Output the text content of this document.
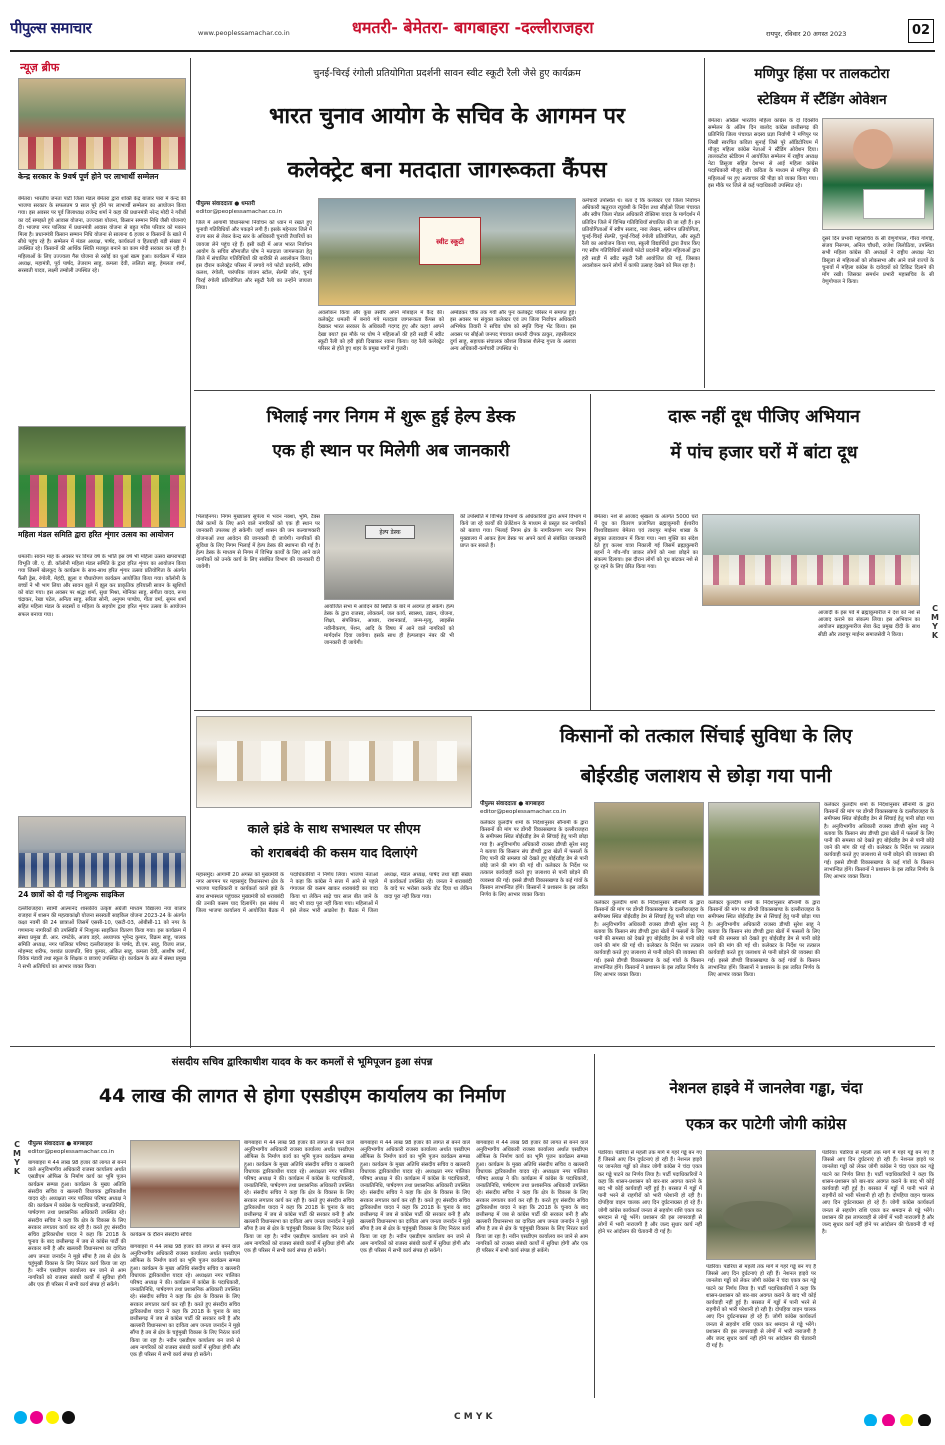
पीपुल्स समाचार	www.peoplessamachar.co.in	धमतरी- बेमेतरा- बागबाहरा -दल्लीराजहरा	रायपुर, रविवार 20 अगस्त 2023	02
न्यूज़ ब्रीफ
केन्द्र सरकार के 9वर्ष पूर्ण होने पर लाभार्थी सम्मेलन
बेमेतरा। भारतीय जनता पार्टी जिला मंडल बेमेतरा द्वारा शक्ति केंद्र बाजार पारा में केन्द्र की भाजपा सरकार के सफलतम 9 साल पूरे होने पर लाभार्थी सम्मेलन का आयोजन किया गया। इस अवसर पर पूर्व जिलाध्यक्ष राजेन्द्र शर्मा ने कहा की प्रधानमंत्री नरेन्द्र मोदी ने गरीबों का दर्द समझते हुये आवास योजना, उज्ज्वला योजना, किसान सम्मान निधि जैसी योजनाएं दी। भाजपा नगर पालिका में प्रधानमंत्री आवास योजना से बहुत गरीब परिवार को मकान मिला है। प्रधानमंत्री किसान सम्मान निधि योजना से सालाना 6 हजार रु किसानों के खाते में सीधे पहुंच रहे है। सम्मेलन में मंडल अध्यक्ष, पार्षद, कार्यकर्ता व हितग्राही बड़ी संख्या में उपस्थित रहे। किसानों की आर्थिक स्थिति मजबूत बनाने का काम मोदी सरकार कर रही है। महिलाओं के लिए उज्ज्वला गैस योजना से रसोई का धुआं खत्म हुआ। कार्यक्रम में मंडल अध्यक्ष, महामंत्री, पूर्व पार्षद, तेजराम साहू, कमला देवी, ललिता साहू, हेमलता शर्मा, सरस्वती यादव, लक्ष्मी तम्बोली उपस्थित रहे।
महिला मंडल समिति द्वारा हरित शृंगार उत्सव का आयोजन
धमतरी। सावन माह के अवसर पर विगत वर्ष के भांति इस वर्ष भी महिला उत्सव खपरापाढ़ी विभूति जी. ए. डी. कॉलोनी महिला मंडल समिति के द्वारा हरित शृंगार का आयोजन किया गया जिसमें खेलकूद के कार्यक्रम के साथ-साथ हरित शृंगार उत्सव प्रतियोगिता के अंतर्गत फैंसी ड्रेस, रंगोली, मेहंदी, झूला व पौधारोपण कार्यक्रम आयोजित किया गया। कॉलोनी के बच्चों ने भी भाग लिया और सावन झूले में झूल कर प्राकृतिक हरियाली सावन के खुशियों को बांटा गया। इस अवसर पर श्रद्धा शर्मा, सुधा मिश्रा, मोनिका साहू, संगीता यादव, रूपा चंद्राकर, रेखा पटेल, अनिता साहू, सरिता सोनी, अनुपम पाण्डेय, गीता वर्मा, सुमन शर्मा सहित महिला मंडल के सदस्यों व महिला के सहयोग द्वारा हरित शृंगार उत्सव के आयोजन सफल बनाया गया।
24 छात्रों को दी गईं निःशुल्क साइकिल
दल्लीराजहरा। स्वामी आत्मानंद शासकीय उत्कृष्ट अंग्रेजी माध्यम विद्यालय नया बाजार राजहरा में शासन की महत्वाकांक्षी योजना सरस्वती साइकिल योजना 2023-24 के अंतर्गत कक्षा नवमीं की 24 छात्राओं जिसमें एससी-10, एसटी-03, ओबीसी-11 को नगर के गणमान्य नागरिकों की उपस्थिति में निःशुल्क साइकिल वितरण किया गया। इस कार्यक्रम में संस्था प्रमुख डी. आर. रामटेके, अजय डहरे, अध्यापक भूपेन्द्र कुमार, विक्रम साहू, पालक समिति अध्यक्ष, नगर पालिका परिषद दल्लीराजहरा के पार्षद, डी.एम. साहू, विजय लाल, मोहम्मद शरीफ, यशवंत प्रजापति, शिव कुमार, अंकित साहू, कमला देवी, आशीष वर्मा, विवेक मंडावी तथा स्कूल के शिक्षक व छात्राएं उपस्थित रहे। कार्यक्रम के अंत में संस्था प्रमुख ने सभी अतिथियों का आभार व्यक्त किया।
चुनई-चिरई रंगोली प्रतियोगिता प्रदर्शनी सावन स्वीट स्कूटी रैली जैसे हुए कार्यक्रम
भारत चुनाव आयोग के सचिव के आगमन पर
कलेक्ट्रेट बना मतदाता जागरूकता कैंपस
पीपुल्स संवाददाता ● धमतरी
editor@peoplessamachar.co.in
जिले में आगामी विधानसभा निर्वाचन को ध्यान में रखते हुए चुनावी गतिविधियों और पकड़ने लगी हैं। इसके मद्देनजर जिले में राज्य स्तर से लेकर केन्द्र स्तर के अधिकारी चुनावी तैयारियों का जायजा लेने पहुंच रहे हैं। इसी कड़ी में आज भारत निर्वाचन आयोग के सचिव सौम्यजीत घोष ने मतदाता जागरूकता हेतु जिले में संचालित गतिविधियों की बारीकी से अवलोकन किया। इस दौरान कलेक्ट्रेट परिसर में लगाये गये फोटो प्रदर्शनी, स्वीप कलश, रंगोली, पारंपरिक व्यंजन स्टॉल, सेल्फी जोन, चुनई चिरई रंगोली प्रतियोगिता और स्कूटी रैली का उन्होंने जायजा लिया।
स्वीट स्कूटी
अवलोकन किया और कुछ तस्वीरें अपने मोबाइल में कैद की। कलेक्ट्रेट धमतरी में बनाये गये मतदाता जागरूकता कैंपस को देखकर भारत सरकार के अधिकारी गदगद हुए और कहा! आपने देखा क्या? इस मौके पर घोष ने महिलाओं की हरी साड़ी में स्वीट स्कूटी रैली को हरी झंडी दिखाकर रवाना किया। यह रैली कलेक्ट्रेट परिसर से होते हुए शहर के प्रमुख मार्गों से गुजरी।
अम्बेडकर चौक तक गयी और पुनः कलेक्ट्रेट परिसर में समाप्त हुई। इस अवसर पर संयुक्त कलेक्टर एवं उप जिला निर्वाचन अधिकारी अभिषेक तिवारी ने सचिव घोष को स्मृति चिन्ह भेंट किया। इस अवसर पर सीईओ जनपद पंचायत धमतरी दीपक ठाकुर, तहसीलदार दुर्गा साहू, सहायक संचालक कौशल विकास शैलेन्द्र गुप्ता के अलावा अन्य अधिकारी-कर्मचारी उपस्थित थे।
कर्मचारी उपस्थित थे। बता दें कि कलेक्टर एवं जिला निर्वाचन अधिकारी ऋतुराज रघुवंशी के निर्देश तथा सीईओ जिला पंचायत और स्वीप जिला नोडल अधिकारी रोक्तिमा यादव के मार्गदर्शन में प्रतिदिन जिले में विभिन्न गतिविधियाँ संचालित की जा रही हैं। इन प्रतियोगिताओं में स्वीप सलाद, नारा लेखन, स्लोगन प्रतियोगिता, चुनई-चिरई सेल्फी, चुनई-चिरई रंगोली प्रतियोगिता, और स्कूटी रैली का आयोजन किया गया, स्कूली विद्यार्थियों द्वारा तैयार किए गए स्वीप गतिविधियों संबंधी फोटो प्रदर्शनी सहित महिलाओं द्वारा हरी साड़ी में स्वीट स्कूटी रैली आयोजित की गई, जिसका अवलोकन करने लोगों में काफी उत्साह देखने को मिल रहा है।
मणिपुर हिंसा पर तालकटोरा
स्टेडियम में स्टैंडिंग ओवेशन
बेमेतरा। अखिल भारतीय महिला कांग्रेस के दो दिवसीय सम्मेलन के अंतिम दिन बालोद कांग्रेस छत्तीसगढ़ की प्रतिनिधि जिला पंचायत सदस्य प्रज्ञा निर्वाणी ने मणिपुर पर लिखी स्वरचित कविता सुनाई जिसे पूरे ऑडिटोरियम में मौजूद महिला कांग्रेस नेताओं ने स्टैंडिंग ओवेशन दिया। तालकटोरा स्टेडियम में आयोजित सम्मेलन में राष्ट्रीय अध्यक्ष नेटा डिसूजा सहित देशभर से आई महिला कांग्रेस पदाधिकारी मौजूद थीं। कविता के माध्यम से मणिपुर की महिलाओं पर हुए अत्याचार की पीड़ा को व्यक्त किया गया। इस मौके पर जिले से कई पदाधिकारी उपस्थित रहे।
दूसरे दिन प्रभारी महासचिव के सी वेणुगोपाल, गौरव गोगोई, संजय निरूपम, अनिल चौधरी, राजेश लिलोठिया, उपस्थित सभी महिला कांग्रेस की अध्यक्षों ने राष्ट्रीय अध्यक्ष नेटा डिसूजा से महिलाओं को लोकसभा और आने वाले राज्यों के चुनावों में महिला कांग्रेस के दावेदारों को टिकिट दिलाने की माँग रखी। जिसका समर्थन प्रभारी महासचिव के सी वेणुगोपाल ने किया।
भिलाई नगर निगम में शुरू हुई हेल्प डेस्क
एक ही स्थान पर मिलेगी अब जानकारी
भिलाईनगर। निगम मुख्यालय सुपेला में भवन नक्शा, भूमि, टैक्स जैसे कामों के लिए आने वाले नागरिकों को एक ही स्थान पर जानकारी उपलब्ध हो सकेगी। जहाँ शासन की जन कल्याणकारी योजनाओं तथा आवेदन की जानकारी दी जायेगी। नागरिकों की सुविधा के लिए निगम भिलाई में हेल्प डेस्क की स्थापना की गई है। हेल्प डेस्क के माध्यम से निगम में विभिन्न कार्यों के लिए आने वाले नागरिकों को उनके कार्य के लिए संबंधित विभाग की जानकारी दी जायेगी।
हेल्प डेस्क
आयोजित सभा में आवेदन की स्थिति के बारे में अवगत हो सकेंगे। हेल्प डेस्क के द्वारा राजस्व, लोककर्म, जल कार्य, स्वास्थ्य, उद्यान, योजना, शिक्षा, संपत्तिकर, आधार, राशनकार्ड, जन्म-मृत्यु, लाइसेंस नवीनीकरण, पेंशन, आदि के विषय में आने वाले नागरिकों को मार्गदर्शन दिया जायेगा। इसके साथ ही हेल्पलाइन नंबर की भी जानकारी दी जायेगी।
की उपस्थिति में विभिन्न विभागों के अधिकारियों द्वारा अपने विभाग में किये जा रहे कार्यों की प्रेजेंटेशन के माध्यम से प्रस्तुत कर नागरिकों को बताया गया। भिलाई निगम क्षेत्र के नागरिकगण नगर निगम मुख्यालय में आकर हेल्प डेस्क पर अपने कार्य से संबंधित जानकारी प्राप्त कर सकते हैं।
दारू नहीं दूध पीजिए अभियान
में पांच हजार घरों में बांटा दूध
बेमेतरा। नशे से आजाद श्रृंखला के अंतर्गत 5000 घरों में दूध का वितरण प्रजापिता ब्रह्माकुमारी ईश्वरीय विश्वविद्यालय बेमेतरा एवं तारापुर माईनर शाखा के संयुक्त तत्वावधान में किया गया। नशा मुक्ति का संदेश देते हुए कलश यात्रा निकाली गई जिसमें ब्रह्माकुमारी बहनों ने गाँव-गाँव जाकर लोगों को नशा छोड़ने का संकल्प दिलाया। इस दौरान लोगों को दूध बांटकर नशे से दूर रहने के लिए प्रेरित किया गया।
आजादी के इस पर्व में ब्रह्माकुमारीज ने देश को नशे से आजाद कराने का संकल्प लिया। इस अभियान का आयोजन ब्रह्माकुमारीज सेवा केंद्र प्रमुख दीदी के साथ सीडी और तारापुर माईनर समाजसेवी ने किया।
C
M
Y
K
काले झंडे के साथ सभास्थल पर सीएम
को शराबबंदी की कसम याद दिलाएंगे
महासमुंद। आगामी 20 अगस्त को मुख्यमंत्री के नगर आगमन पर महासमुंद विधानसभा क्षेत्र के भाजपा पदाधिकारी व कार्यकर्ता काले झंडे के साथ सभास्थल पहुंचकर मुख्यमंत्री को शराबबंदी की उनकी कसम याद दिलायेंगे। इस संबंध में जिला भाजपा कार्यालय में आयोजित बैठक में पदाधिकारियों ने निर्णय लिया। भाजपा नेताओं ने कहा कि कांग्रेस ने सत्ता में आने से पहले गंगाजल की कसम खाकर शराबबंदी का वादा किया था लेकिन साढ़े चार साल बीत जाने के बाद भी वादा पूरा नहीं किया गया। महिलाओं में इसे लेकर भारी आक्रोश है। बैठक में जिला अध्यक्ष, मंडल अध्यक्ष, पार्षद तथा बड़ी संख्या में कार्यकर्ता उपस्थित रहे। जनता ने शराबबंदी के वादे पर भरोसा करके वोट दिया था लेकिन वादा पूरा नहीं किया गया।
किसानों को तत्काल सिंचाई सुविधा के लिए
बोईरडीह जलाशय से छोड़ा गया पानी
पीपुल्स संवाददाता ● बागबाहरा
editor@peoplessamachar.co.in
कलेक्टर कुलदीप शर्मा के निर्देशानुसार सौनामी के द्वारा किसानों की मांग पर डोंगरी विकासखण्ड के दल्लीराजहरा के समीपस्थ स्थित बोईरडीह डेम से सिंचाई हेतु पानी छोड़ा गया है। अनुविभागीय अधिकारी राजस्व डौण्डी सुरेश साहू ने बताया कि किसान संघ डौण्डी द्वारा खेतों में फसलों के लिए पानी की समस्या को देखते हुए बोईरडीह डेम से पानी छोड़े जाने की मांग की गई थी। कलेक्टर के निर्देश पर तत्काल कार्यवाही करते हुए जलाशय से पानी छोड़ने की व्यवस्था की गई। इससे डौण्डी विकासखण्ड के कई गांवों के किसान लाभान्वित होंगे। किसानों ने प्रशासन के इस त्वरित निर्णय के लिए आभार व्यक्त किया।
कलेक्टर कुलदीप शर्मा के निर्देशानुसार सौनामी के द्वारा किसानों की मांग पर डोंगरी विकासखण्ड के दल्लीराजहरा के समीपस्थ स्थित बोईरडीह डेम से सिंचाई हेतु पानी छोड़ा गया है। अनुविभागीय अधिकारी राजस्व डौण्डी सुरेश साहू ने बताया कि किसान संघ डौण्डी द्वारा खेतों में फसलों के लिए पानी की समस्या को देखते हुए बोईरडीह डेम से पानी छोड़े जाने की मांग की गई थी। कलेक्टर के निर्देश पर तत्काल कार्यवाही करते हुए जलाशय से पानी छोड़ने की व्यवस्था की गई। इससे डौण्डी विकासखण्ड के कई गांवों के किसान लाभान्वित होंगे। किसानों ने प्रशासन के इस त्वरित निर्णय के लिए आभार व्यक्त किया।
कलेक्टर कुलदीप शर्मा के निर्देशानुसार सौनामी के द्वारा किसानों की मांग पर डोंगरी विकासखण्ड के दल्लीराजहरा के समीपस्थ स्थित बोईरडीह डेम से सिंचाई हेतु पानी छोड़ा गया है। अनुविभागीय अधिकारी राजस्व डौण्डी सुरेश साहू ने बताया कि किसान संघ डौण्डी द्वारा खेतों में फसलों के लिए पानी की समस्या को देखते हुए बोईरडीह डेम से पानी छोड़े जाने की मांग की गई थी। कलेक्टर के निर्देश पर तत्काल कार्यवाही करते हुए जलाशय से पानी छोड़ने की व्यवस्था की गई। इससे डौण्डी विकासखण्ड के कई गांवों के किसान लाभान्वित होंगे। किसानों ने प्रशासन के इस त्वरित निर्णय के लिए आभार व्यक्त किया।
कलेक्टर कुलदीप शर्मा के निर्देशानुसार सौनामी के द्वारा किसानों की मांग पर डोंगरी विकासखण्ड के दल्लीराजहरा के समीपस्थ स्थित बोईरडीह डेम से सिंचाई हेतु पानी छोड़ा गया है। अनुविभागीय अधिकारी राजस्व डौण्डी सुरेश साहू ने बताया कि किसान संघ डौण्डी द्वारा खेतों में फसलों के लिए पानी की समस्या को देखते हुए बोईरडीह डेम से पानी छोड़े जाने की मांग की गई थी। कलेक्टर के निर्देश पर तत्काल कार्यवाही करते हुए जलाशय से पानी छोड़ने की व्यवस्था की गई। इससे डौण्डी विकासखण्ड के कई गांवों के किसान लाभान्वित होंगे। किसानों ने प्रशासन के इस त्वरित निर्णय के लिए आभार व्यक्त किया।
संसदीय सचिव द्वारिकाधीश यादव के कर कमलों से भूमिपूजन हुआ संपन्न
44 लाख की लागत से होगा एसडीएम कार्यालय का निर्माण
पीपुल्स संवाददाता ● बागबाहरा
editor@peoplessamachar.co.in
C
M
Y
K
बागबाहरा में 44 लाख 98 हजार की लागत से बनने वाले अनुविभागीय अधिकारी राजस्व कार्यालय अर्थात एसडीएम ऑफिस के निर्माण कार्य का भूमि पूजन कार्यक्रम सम्पन्न हुआ। कार्यक्रम के मुख्य अतिथि संसदीय सचिव व खल्लारी विधायक द्वारिकाधीश यादव रहे। अध्यक्षता नगर पालिका परिषद अध्यक्ष ने की। कार्यक्रम में कांग्रेस के पदाधिकारी, जनप्रतिनिधि, पार्षदगण तथा प्रशासनिक अधिकारी उपस्थित रहे। संसदीय सचिव ने कहा कि क्षेत्र के विकास के लिए सरकार लगातार कार्य कर रही है। करते हुए संसदीय सचिव द्वारिकाधीश यादव ने कहा कि 2018 के चुनाव के बाद छत्तीसगढ़ में जब से कांग्रेस पार्टी की सरकार बनी है और खल्लारी विधानसभा का दायित्व आप जनता जनार्दन ने मुझे सौंपा है तब से क्षेत्र के चहुंमुखी विकास के लिए निरंतर कार्य किया जा रहा है। नवीन एसडीएम कार्यालय बन जाने से आम नागरिकों को राजस्व संबंधी कार्यों में सुविधा होगी और एक ही परिसर में सभी कार्य संपन्न हो सकेंगे।
कार्यक्रम के दौरान संसदीय सचिव
बागबाहरा में 44 लाख 98 हजार की लागत से बनने वाले अनुविभागीय अधिकारी राजस्व कार्यालय अर्थात एसडीएम ऑफिस के निर्माण कार्य का भूमि पूजन कार्यक्रम सम्पन्न हुआ। कार्यक्रम के मुख्य अतिथि संसदीय सचिव व खल्लारी विधायक द्वारिकाधीश यादव रहे। अध्यक्षता नगर पालिका परिषद अध्यक्ष ने की। कार्यक्रम में कांग्रेस के पदाधिकारी, जनप्रतिनिधि, पार्षदगण तथा प्रशासनिक अधिकारी उपस्थित रहे। संसदीय सचिव ने कहा कि क्षेत्र के विकास के लिए सरकार लगातार कार्य कर रही है। करते हुए संसदीय सचिव द्वारिकाधीश यादव ने कहा कि 2018 के चुनाव के बाद छत्तीसगढ़ में जब से कांग्रेस पार्टी की सरकार बनी है और खल्लारी विधानसभा का दायित्व आप जनता जनार्दन ने मुझे सौंपा है तब से क्षेत्र के चहुंमुखी विकास के लिए निरंतर कार्य किया जा रहा है। नवीन एसडीएम कार्यालय बन जाने से आम नागरिकों को राजस्व संबंधी कार्यों में सुविधा होगी और एक ही परिसर में सभी कार्य संपन्न हो सकेंगे।
बागबाहरा में 44 लाख 98 हजार की लागत से बनने वाले अनुविभागीय अधिकारी राजस्व कार्यालय अर्थात एसडीएम ऑफिस के निर्माण कार्य का भूमि पूजन कार्यक्रम सम्पन्न हुआ। कार्यक्रम के मुख्य अतिथि संसदीय सचिव व खल्लारी विधायक द्वारिकाधीश यादव रहे। अध्यक्षता नगर पालिका परिषद अध्यक्ष ने की। कार्यक्रम में कांग्रेस के पदाधिकारी, जनप्रतिनिधि, पार्षदगण तथा प्रशासनिक अधिकारी उपस्थित रहे। संसदीय सचिव ने कहा कि क्षेत्र के विकास के लिए सरकार लगातार कार्य कर रही है। करते हुए संसदीय सचिव द्वारिकाधीश यादव ने कहा कि 2018 के चुनाव के बाद छत्तीसगढ़ में जब से कांग्रेस पार्टी की सरकार बनी है और खल्लारी विधानसभा का दायित्व आप जनता जनार्दन ने मुझे सौंपा है तब से क्षेत्र के चहुंमुखी विकास के लिए निरंतर कार्य किया जा रहा है। नवीन एसडीएम कार्यालय बन जाने से आम नागरिकों को राजस्व संबंधी कार्यों में सुविधा होगी और एक ही परिसर में सभी कार्य संपन्न हो सकेंगे।
बागबाहरा में 44 लाख 98 हजार की लागत से बनने वाले अनुविभागीय अधिकारी राजस्व कार्यालय अर्थात एसडीएम ऑफिस के निर्माण कार्य का भूमि पूजन कार्यक्रम सम्पन्न हुआ। कार्यक्रम के मुख्य अतिथि संसदीय सचिव व खल्लारी विधायक द्वारिकाधीश यादव रहे। अध्यक्षता नगर पालिका परिषद अध्यक्ष ने की। कार्यक्रम में कांग्रेस के पदाधिकारी, जनप्रतिनिधि, पार्षदगण तथा प्रशासनिक अधिकारी उपस्थित रहे। संसदीय सचिव ने कहा कि क्षेत्र के विकास के लिए सरकार लगातार कार्य कर रही है। करते हुए संसदीय सचिव द्वारिकाधीश यादव ने कहा कि 2018 के चुनाव के बाद छत्तीसगढ़ में जब से कांग्रेस पार्टी की सरकार बनी है और खल्लारी विधानसभा का दायित्व आप जनता जनार्दन ने मुझे सौंपा है तब से क्षेत्र के चहुंमुखी विकास के लिए निरंतर कार्य किया जा रहा है। नवीन एसडीएम कार्यालय बन जाने से आम नागरिकों को राजस्व संबंधी कार्यों में सुविधा होगी और एक ही परिसर में सभी कार्य संपन्न हो सकेंगे।
बागबाहरा में 44 लाख 98 हजार की लागत से बनने वाले अनुविभागीय अधिकारी राजस्व कार्यालय अर्थात एसडीएम ऑफिस के निर्माण कार्य का भूमि पूजन कार्यक्रम सम्पन्न हुआ। कार्यक्रम के मुख्य अतिथि संसदीय सचिव व खल्लारी विधायक द्वारिकाधीश यादव रहे। अध्यक्षता नगर पालिका परिषद अध्यक्ष ने की। कार्यक्रम में कांग्रेस के पदाधिकारी, जनप्रतिनिधि, पार्षदगण तथा प्रशासनिक अधिकारी उपस्थित रहे। संसदीय सचिव ने कहा कि क्षेत्र के विकास के लिए सरकार लगातार कार्य कर रही है। करते हुए संसदीय सचिव द्वारिकाधीश यादव ने कहा कि 2018 के चुनाव के बाद छत्तीसगढ़ में जब से कांग्रेस पार्टी की सरकार बनी है और खल्लारी विधानसभा का दायित्व आप जनता जनार्दन ने मुझे सौंपा है तब से क्षेत्र के चहुंमुखी विकास के लिए निरंतर कार्य किया जा रहा है। नवीन एसडीएम कार्यालय बन जाने से आम नागरिकों को राजस्व संबंधी कार्यों में सुविधा होगी और एक ही परिसर में सभी कार्य संपन्न हो सकेंगे।
नेशनल हाइवे में जानलेवा गड्ढा, चंदा
एकत्र कर पाटेगी जोगी कांग्रेस
पंडरिया। पंडरिया से महली तक मार्ग में गहरे गड्ढे बन गए हैं जिससे आए दिन दुर्घटनाएं हो रही हैं। नेशनल हाइवे पर जानलेवा गड्ढों को लेकर जोगी कांग्रेस ने चंदा एकत्र कर गड्ढे पाटने का निर्णय लिया है। पार्टी पदाधिकारियों ने कहा कि शासन-प्रशासन को बार-बार अवगत कराने के बाद भी कोई कार्यवाही नहीं हुई है। बरसात में गड्ढों में पानी भरने से राहगीरों को भारी परेशानी हो रही है। दोपहिया वाहन चालक आए दिन दुर्घटनाग्रस्त हो रहे हैं। जोगी कांग्रेस कार्यकर्ता जनता से सहयोग राशि एकत्र कर श्रमदान से गड्ढे भरेंगे। प्रशासन की इस लापरवाही से लोगों में भारी नाराजगी है और जल्द सुधार कार्य नहीं होने पर आंदोलन की चेतावनी दी गई है।
पंडरिया। पंडरिया से महली तक मार्ग में गहरे गड्ढे बन गए हैं जिससे आए दिन दुर्घटनाएं हो रही हैं। नेशनल हाइवे पर जानलेवा गड्ढों को लेकर जोगी कांग्रेस ने चंदा एकत्र कर गड्ढे पाटने का निर्णय लिया है। पार्टी पदाधिकारियों ने कहा कि शासन-प्रशासन को बार-बार अवगत कराने के बाद भी कोई कार्यवाही नहीं हुई है। बरसात में गड्ढों में पानी भरने से राहगीरों को भारी परेशानी हो रही है। दोपहिया वाहन चालक आए दिन दुर्घटनाग्रस्त हो रहे हैं। जोगी कांग्रेस कार्यकर्ता जनता से सहयोग राशि एकत्र कर श्रमदान से गड्ढे भरेंगे। प्रशासन की इस लापरवाही से लोगों में भारी नाराजगी है और जल्द सुधार कार्य नहीं होने पर आंदोलन की चेतावनी दी गई है।
पंडरिया। पंडरिया से महली तक मार्ग में गहरे गड्ढे बन गए हैं जिससे आए दिन दुर्घटनाएं हो रही हैं। नेशनल हाइवे पर जानलेवा गड्ढों को लेकर जोगी कांग्रेस ने चंदा एकत्र कर गड्ढे पाटने का निर्णय लिया है। पार्टी पदाधिकारियों ने कहा कि शासन-प्रशासन को बार-बार अवगत कराने के बाद भी कोई कार्यवाही नहीं हुई है। बरसात में गड्ढों में पानी भरने से राहगीरों को भारी परेशानी हो रही है। दोपहिया वाहन चालक आए दिन दुर्घटनाग्रस्त हो रहे हैं। जोगी कांग्रेस कार्यकर्ता जनता से सहयोग राशि एकत्र कर श्रमदान से गड्ढे भरेंगे। प्रशासन की इस लापरवाही से लोगों में भारी नाराजगी है और जल्द सुधार कार्य नहीं होने पर आंदोलन की चेतावनी दी गई है।

C M Y K
